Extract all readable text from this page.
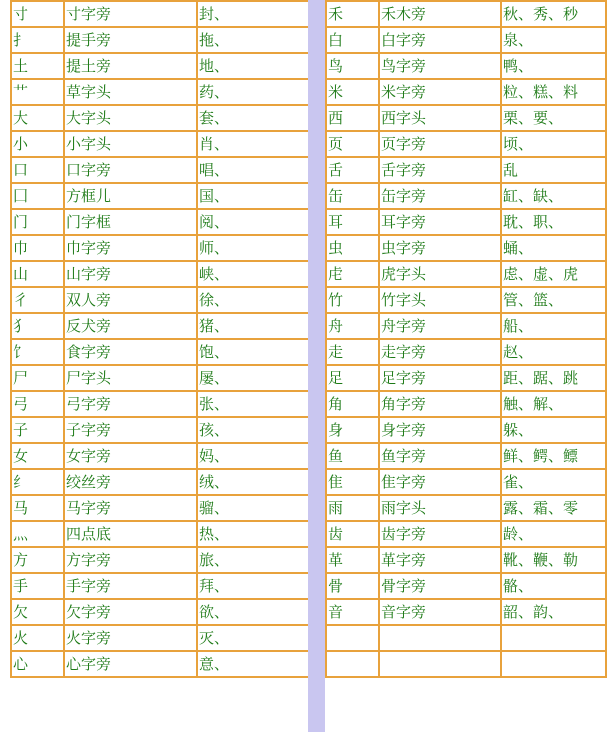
寸	寸字旁	封、
扌	提手旁	拖、
土	提土旁	地、
艹	草字头	药、
大	大字头	套、
小	小字头	肖、
口	口字旁	唱、
囗	方框儿	国、
门	门字框	阅、
巾	巾字旁	师、
山	山字旁	峡、
彳	双人旁	徐、
犭	反犬旁	猪、
饣	食字旁	饱、
尸	尸字头	屡、
弓	弓字旁	张、
子	子字旁	孩、
女	女字旁	妈、
纟	绞丝旁	绒、
马	马字旁	骝、
灬	四点底	热、
方	方字旁	旅、
手	手字旁	拜、
欠	欠字旁	欲、
火	火字旁	灭、
心	心字旁	意、
禾	禾木旁	秋、秀、秒
白	白字旁	泉、
鸟	鸟字旁	鸭、
米	米字旁	粒、糕、料
西	西字头	栗、要、
页	页字旁	顷、
舌	舌字旁	乱
缶	缶字旁	缸、缺、
耳	耳字旁	耽、职、
虫	虫字旁	蛹、
虍	虎字头	虑、虚、虎
竹	竹字头	管、篮、
舟	舟字旁	船、
走	走字旁	赵、
足	足字旁	距、踞、跳
角	角字旁	触、解、
身	身字旁	躲、
鱼	鱼字旁	鲜、鳄、鳔
隹	隹字旁	雀、
雨	雨字头	露、霜、零
齿	齿字旁	龄、
革	革字旁	靴、鞭、勒
骨	骨字旁	骼、
音	音字旁	韶、韵、
